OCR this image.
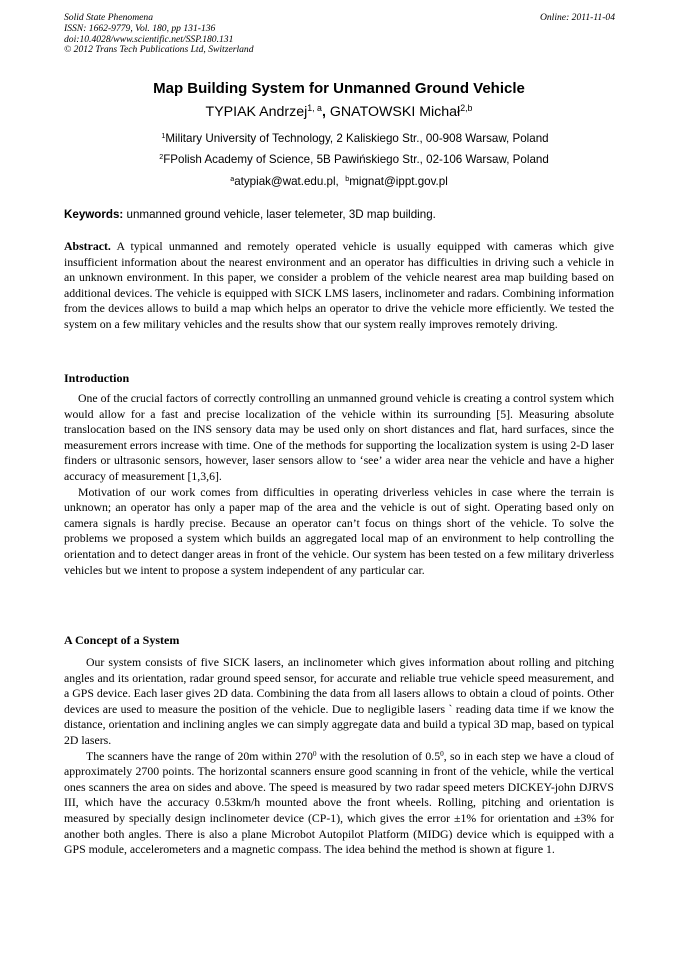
Solid State Phenomena
ISSN: 1662-9779, Vol. 180, pp 131-136
doi:10.4028/www.scientific.net/SSP.180.131
© 2012 Trans Tech Publications Ltd, Switzerland
Online: 2011-11-04
Map Building System for Unmanned Ground Vehicle
TYPIAK Andrzej$^{1, a}$, GNATOWSKI Michał$^{2,b}$
$^1$Military University of Technology, 2 Kaliskiego Str., 00-908 Warsaw, Poland
$^2$FPolish Academy of Science, 5B Pawińskiego Str., 02-106 Warsaw, Poland
$^a$atypiak@wat.edu.pl, $^b$mignat@ippt.gov.pl
Keywords: unmanned ground vehicle, laser telemeter, 3D map building.

Abstract. A typical unmanned and remotely operated vehicle is usually equipped with cameras which give insufficient information about the nearest environment and an operator has difficulties in driving such a vehicle in an unknown environment. In this paper, we consider a problem of the vehicle nearest area map building based on additional devices. The vehicle is equipped with SICK LMS lasers, inclinometer and radars. Combining information from the devices allows to build a map which helps an operator to drive the vehicle more efficiently. We tested the system on a few military vehicles and the results show that our system really improves remotely driving.

Introduction

One of the crucial factors of correctly controlling an unmanned ground vehicle is creating a control system which would allow for a fast and precise localization of the vehicle within its surrounding [5]. Measuring absolute translocation based on the INS sensory data may be used only on short distances and flat, hard surfaces, since the measurement errors increase with time. One of the methods for supporting the localization system is using 2-D laser finders or ultrasonic sensors, however, laser sensors allow to ‘see’ a wider area near the vehicle and have a higher accuracy of measurement [1,3,6].

Motivation of our work comes from difficulties in operating driverless vehicles in case where the terrain is unknown; an operator has only a paper map of the area and the vehicle is out of sight. Operating based only on camera signals is hardly precise. Because an operator can’t focus on things short of the vehicle. To solve the problems we proposed a system which builds an aggregated local map of an environment to help controlling the orientation and to detect danger areas in front of the vehicle. Our system has been tested on a few military driverless vehicles but we intent to propose a system independent of any particular car.

A Concept of a System

Our system consists of five SICK lasers, an inclinometer which gives information about rolling and pitching angles and its orientation, radar ground speed sensor, for accurate and reliable true vehicle speed measurement, and a GPS device. Each laser gives 2D data. Combining the data from all lasers allows to obtain a cloud of points. Other devices are used to measure the position of the vehicle. Due to negligible lasers ` reading data time if we know the distance, orientation and inclining angles we can simply aggregate data and build a typical 3D map, based on typical 2D lasers.

The scanners have the range of 20m within $270^0$ with the resolution of $0.5^0$, so in each step we have a cloud of approximately 2700 points. The horizontal scanners ensure good scanning in front of the vehicle, while the vertical ones scanners the area on sides and above. The speed is measured by two radar speed meters DICKEY-john DJRVS III, which have the accuracy 0.53km/h mounted above the front wheels. Rolling, pitching and orientation is measured by specially design inclinometer device (CP-1), which gives the error ±1% for orientation and ±3% for another both angles. There is also a plane Microbot Autopilot Platform (MIDG) device which is equipped with a GPS module, accelerometers and a magnetic compass. The idea behind the method is shown at figure 1.
